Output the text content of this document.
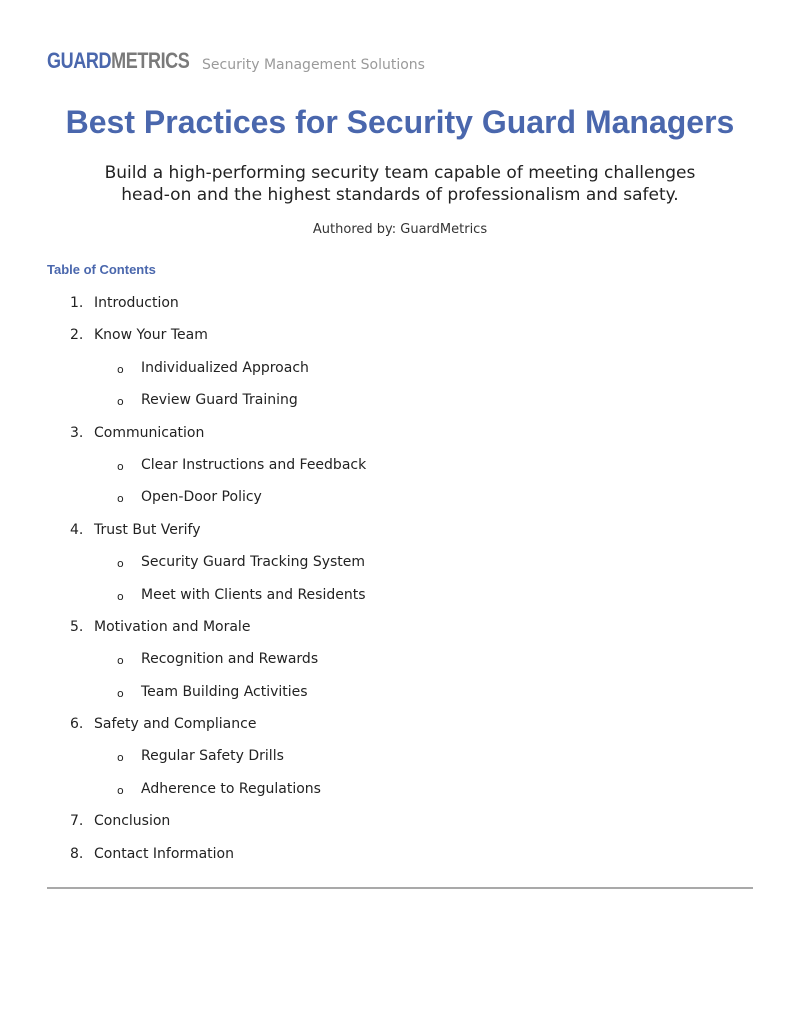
GUARDMETRICS Security Management Solutions
Best Practices for Security Guard Managers
Build a high-performing security team capable of meeting challenges
head-on and the highest standards of professionalism and safety.
Authored by: GuardMetrics
Table of Contents
1. Introduction
2. Know Your Team
o Individualized Approach
o Review Guard Training
3. Communication
o Clear Instructions and Feedback
o Open-Door Policy
4. Trust But Verify
o Security Guard Tracking System
o Meet with Clients and Residents
5. Motivation and Morale
o Recognition and Rewards
o Team Building Activities
6. Safety and Compliance
o Regular Safety Drills
o Adherence to Regulations
7. Conclusion
8. Contact Information
